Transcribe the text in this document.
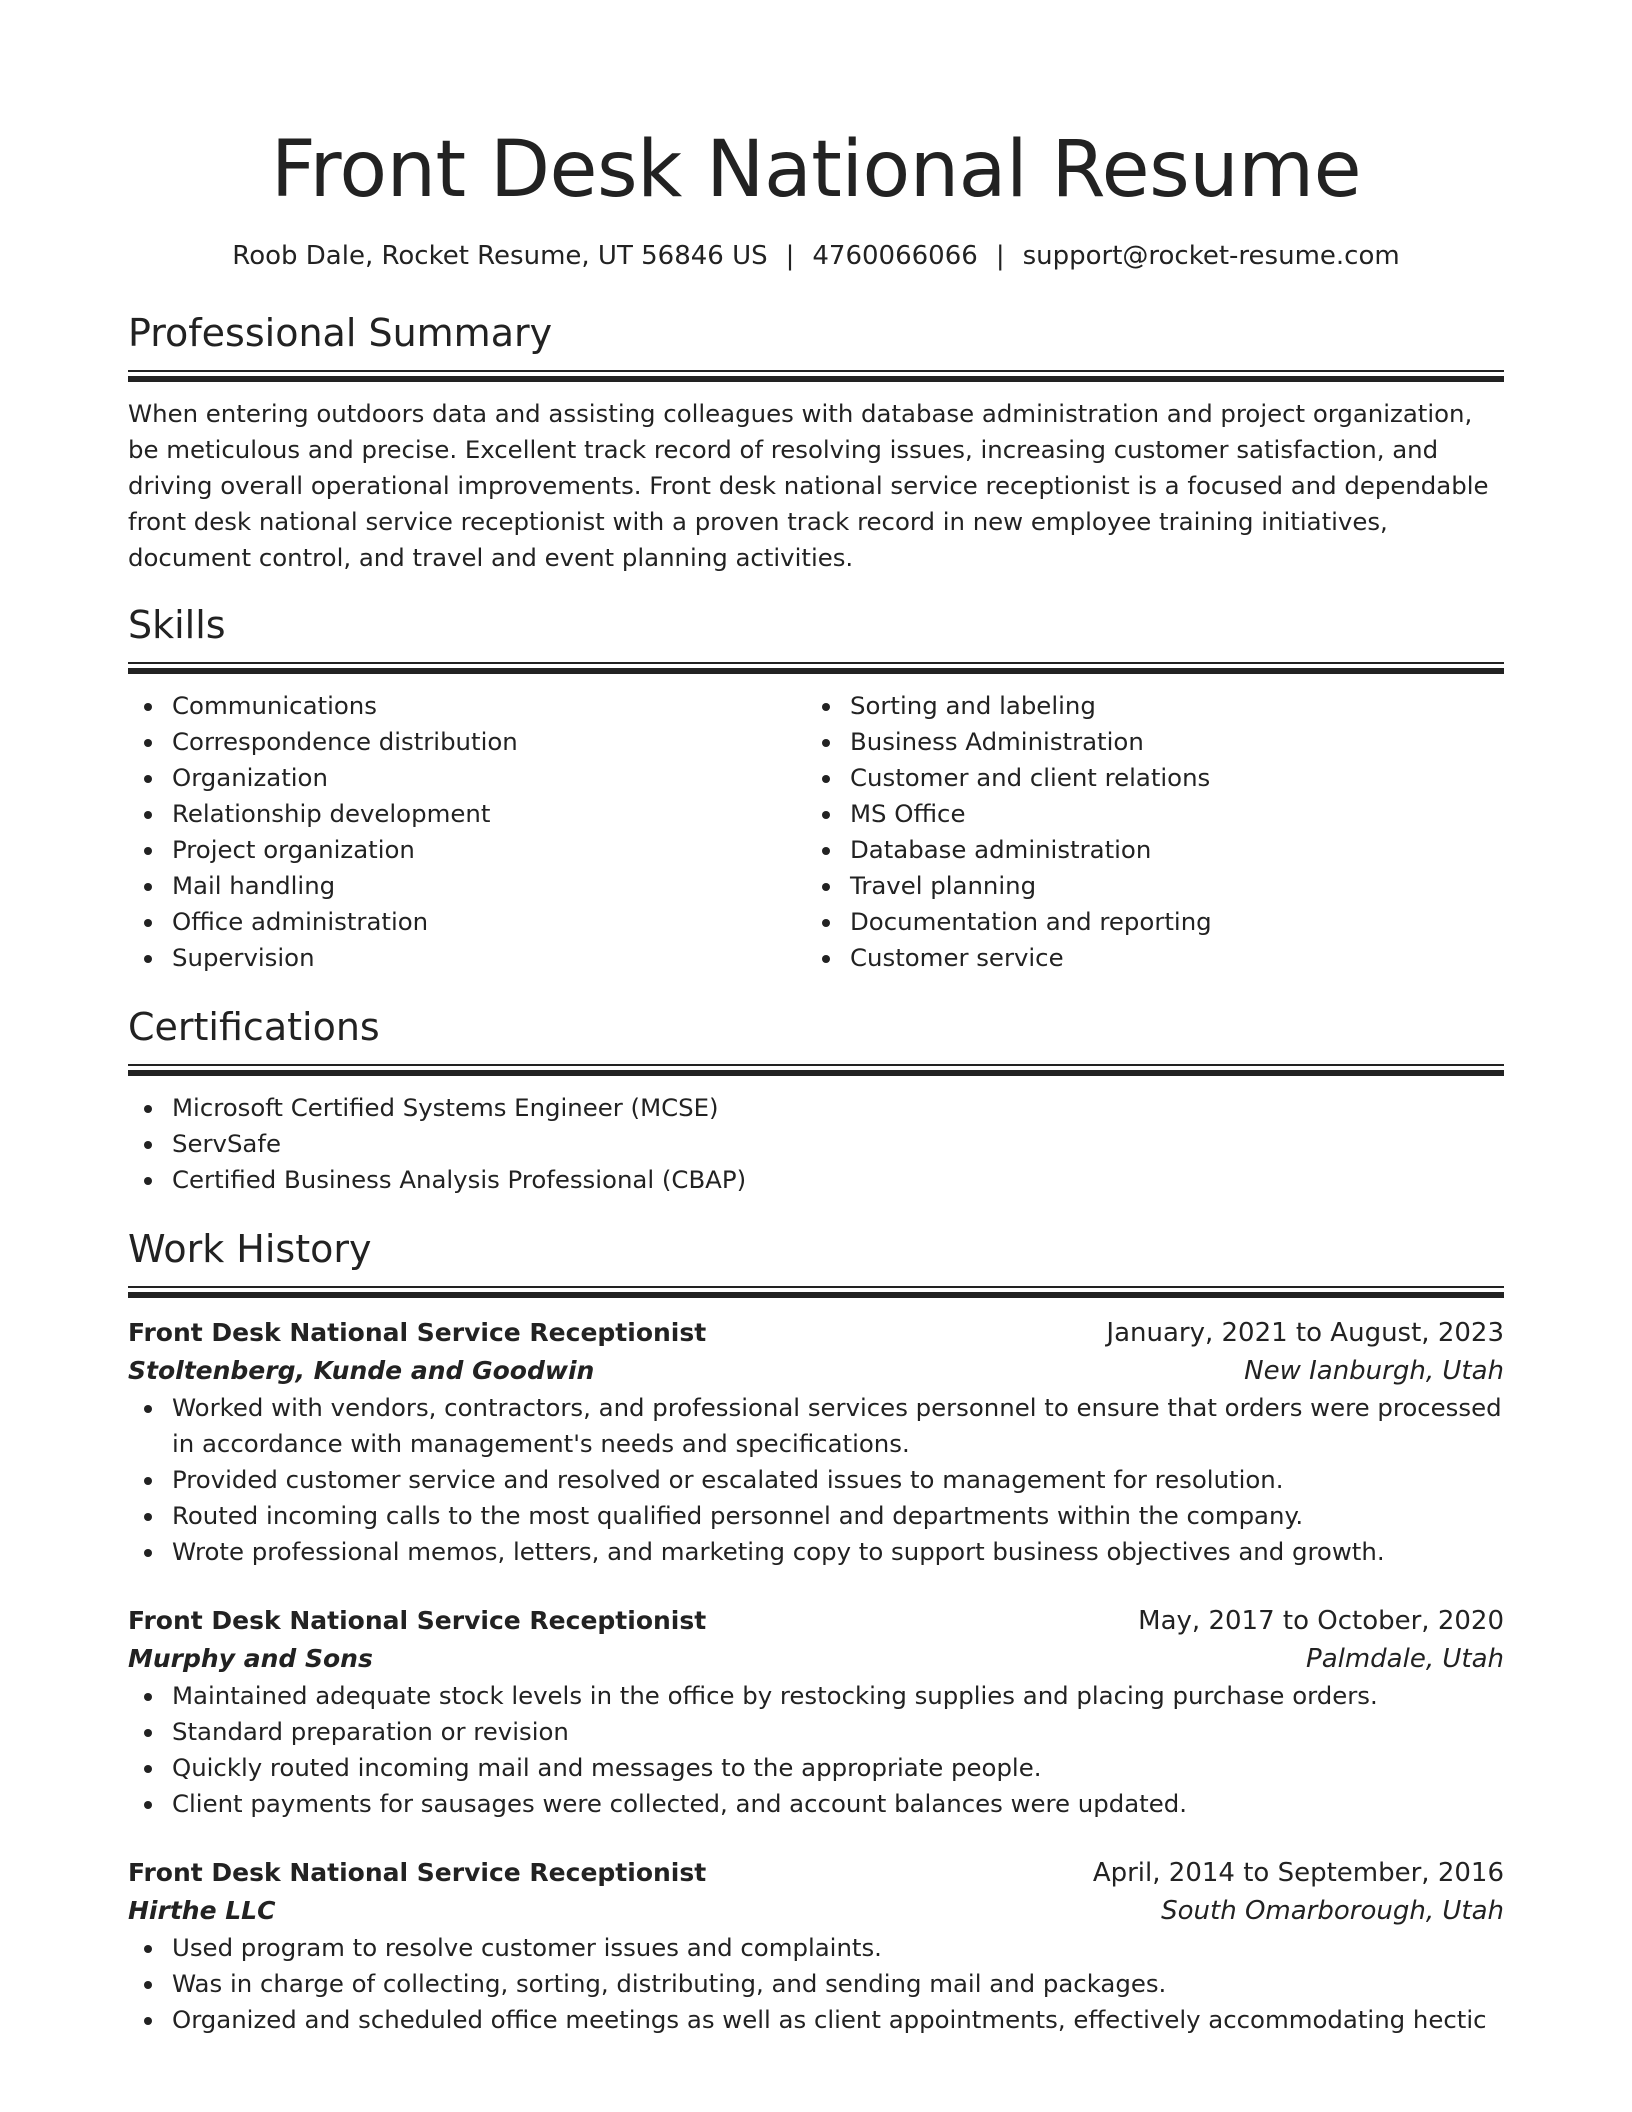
Front Desk National Resume
Roob Dale, Rocket Resume, UT 56846 US | 4760066066 | support@rocket-resume.com
Professional Summary

When entering outdoors data and assisting colleagues with database administration and project organization, be meticulous and precise. Excellent track record of resolving issues, increasing customer satisfaction, and driving overall operational improvements. Front desk national service receptionist is a focused and dependable front desk national service receptionist with a proven track record in new employee training initiatives, document control, and travel and event planning activities.

Skills
Communications
Correspondence distribution
Organization
Relationship development
Project organization
Mail handling
Office administration
Supervision
Sorting and labeling
Business Administration
Customer and client relations
MS Office
Database administration
Travel planning
Documentation and reporting
Customer service
Certifications
Microsoft Certified Systems Engineer (MCSE)
ServSafe
Certified Business Analysis Professional (CBAP)
Work History
Front Desk National Service Receptionist	January, 2021 to August, 2023
Stoltenberg, Kunde and Goodwin	New Ianburgh, Utah
Worked with vendors, contractors, and professional services personnel to ensure that orders were processed in accordance with management's needs and specifications.
Provided customer service and resolved or escalated issues to management for resolution.
Routed incoming calls to the most qualified personnel and departments within the company.
Wrote professional memos, letters, and marketing copy to support business objectives and growth.
Front Desk National Service Receptionist	May, 2017 to October, 2020
Murphy and Sons	Palmdale, Utah
Maintained adequate stock levels in the office by restocking supplies and placing purchase orders.
Standard preparation or revision
Quickly routed incoming mail and messages to the appropriate people.
Client payments for sausages were collected, and account balances were updated.
Front Desk National Service Receptionist	April, 2014 to September, 2016
Hirthe LLC	South Omarborough, Utah
Used program to resolve customer issues and complaints.
Was in charge of collecting, sorting, distributing, and sending mail and packages.
Organized and scheduled office meetings as well as client appointments, effectively accommodating hectic
